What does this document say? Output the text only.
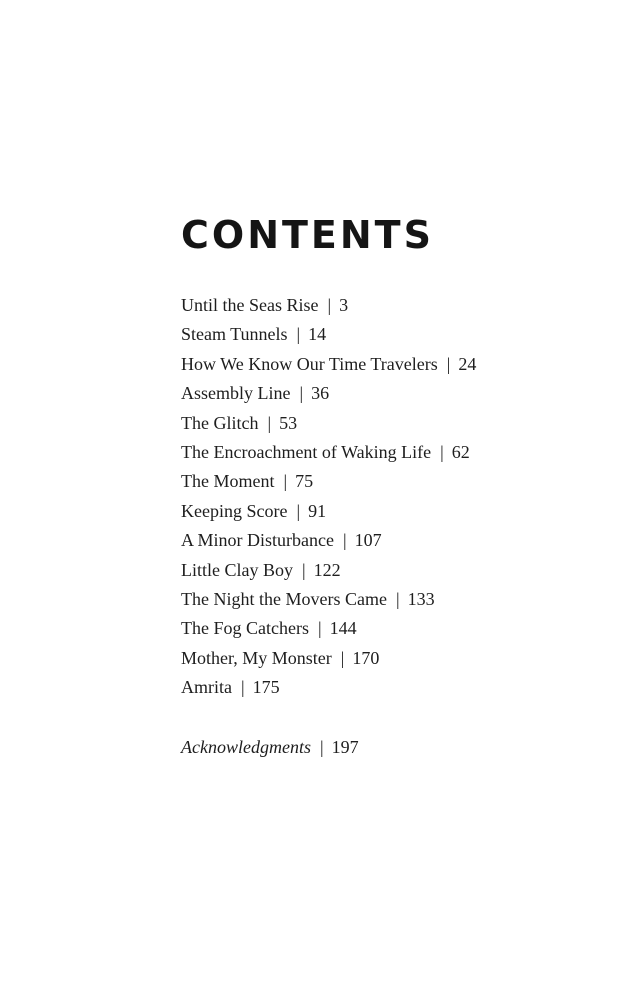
CONTENTS
Until the Seas Rise | 3
Steam Tunnels | 14
How We Know Our Time Travelers | 24
Assembly Line | 36
The Glitch | 53
The Encroachment of Waking Life | 62
The Moment | 75
Keeping Score | 91
A Minor Disturbance | 107
Little Clay Boy | 122
The Night the Movers Came | 133
The Fog Catchers | 144
Mother, My Monster | 170
Amrita | 175

Acknowledgments | 197
